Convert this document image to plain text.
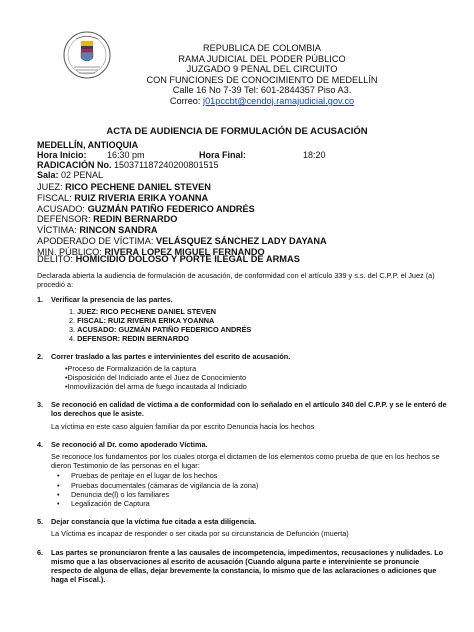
REPUBLICA DE COLOMBIA
RAMA JUDICIAL DEL PODER PÚBLICO
JUZGADO 9 PENAL DEL CIRCUITO
CON FUNCIONES DE CONOCIMIENTO DE MEDELLÍN
Calle 16 No 7-39 Tel: 601-2844357 Piso A3.
Correo: j01pccbt@cendoj.ramajudicial.gov.co
ACTA DE AUDIENCIA DE FORMULACIÓN DE ACUSACIÓN
MEDELLÍN, ANTIOQUIA
Hora Inicio: 16:30 pm	Hora Final:	18:20
RADICACIÓN No. 150371187240200801515
Sala: 02 PENAL
JUEZ: RICO PECHENE DANIEL STEVEN
FISCAL: RUIZ RIVERIA ERIKA YOANNA
ACUSADO: GUZMÁN PATIÑO FEDERICO ANDRÉS
DEFENSOR: REDIN BERNARDO
VÍCTIMA: RINCON SANDRA
APODERADO DE VÍCTIMA: VELÁSQUEZ SÁNCHEZ LADY DAYANA
MIN. PÚBLICO: RIVERA LOPEZ MIGUEL FERNANDO
DELITO: HOMICIDIO DOLOSO Y PORTE ILEGAL DE ARMAS

Declarada abierta la audiencia de formulación de acusación, de conformidad con el artículo 339 y s.s. del C.P.P. el Juez (a) procedió a:

1. Verificar la presencia de las partes.
1. JUEZ: RICO PECHENE DANIEL STEVEN
2. FISCAL: RUIZ RIVERIA ERIKA YOANNA
3. ACUSADO: GUZMÁN PATIÑO FEDERICO ANDRÉS
4. DEFENSOR: REDIN BERNARDO
2. Correr traslado a las partes e intervinientes del escrito de acusación.
•Proceso de Formalización de la captura
•Disposición del Indiciado ante el Juez de Conocimiento
•Inmovilización del arma de fuego incautada al Indiciado
3. Se reconoció en calidad de víctima a de conformidad con lo señalado en el artículo 340 del C.P.P. y se le enteró de los derechos que le asiste.
La víctima en este caso alguien familiar da por escrito Denuncia hacia los hechos
4. Se reconoció al Dr. como apoderado Víctima.
Se reconoce los fundamentos por los cuales otorga el dictamen de los elementos como prueba de que en los hechos se dieron Testimonio de las personas en el lugar:
• Pruebas de peritaje en el lugar de los hechos
• Pruebas documentales (cámaras de vigilancia de la zona)
• Denuncia de(l) o los familiares
• Legalización de Captura
5. Dejar constancia que la víctima fue citada a esta diligencia.
La Víctima es incapaz de responder o ser citada por su circunstancia de Defunción (muerta)
6. Las partes se pronunciaron frente a las causales de incompetencia, impedimentos, recusaciones y nulidades. Lo mismo que a las observaciones al escrito de acusación (Cuando alguna parte e interviniente se pronuncie respecto de alguna de ellas, dejar brevemente la constancia, lo mismo que de las aclaraciones o adiciones que haga el Fiscal.).
